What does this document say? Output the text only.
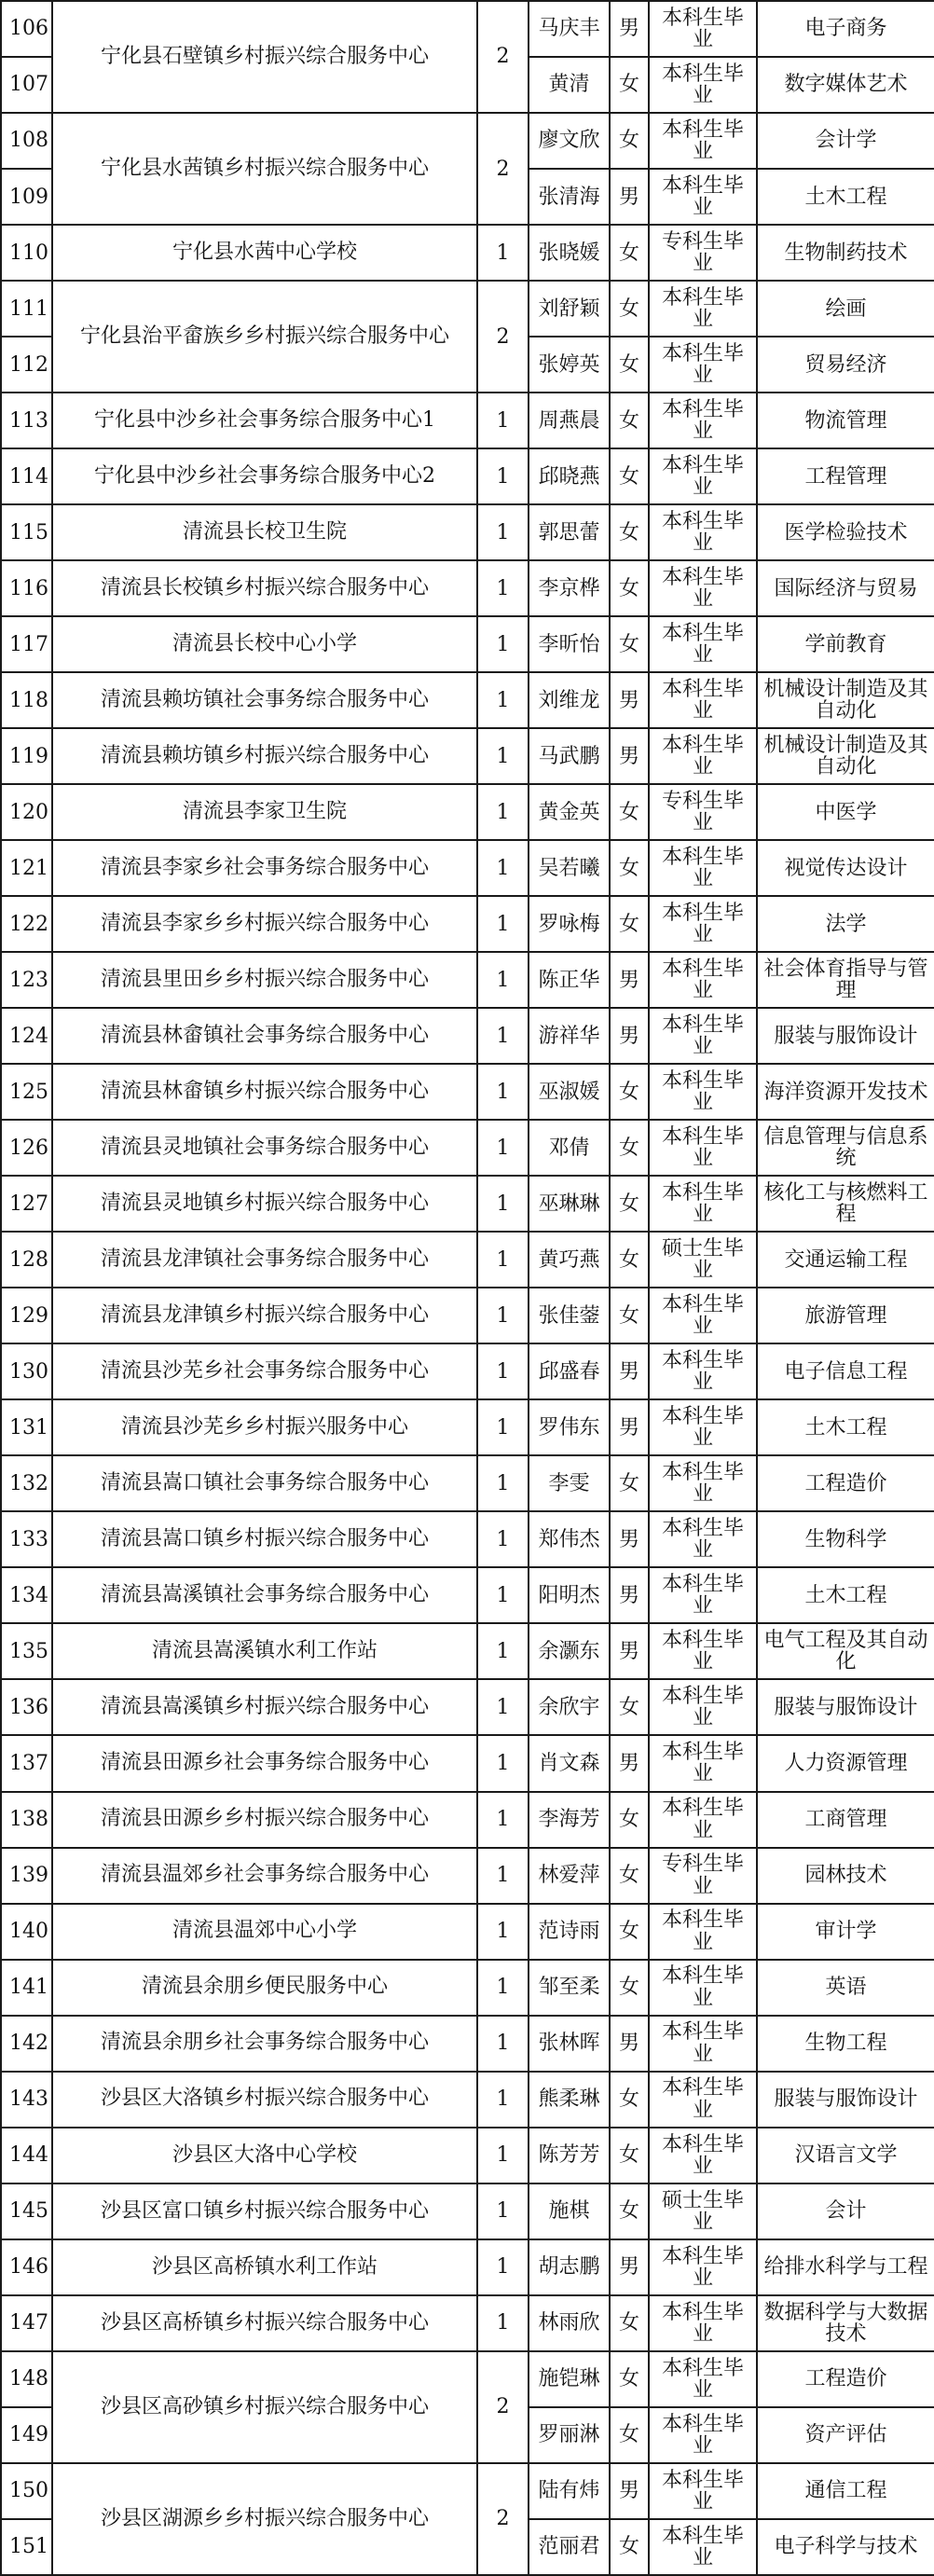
106	宁化县石壁镇乡村振兴综合服务中心	2	马庆丰	男	本科生毕业	电子商务
107			黄清	女	本科生毕业	数字媒体艺术
108	宁化县水茜镇乡村振兴综合服务中心	2	廖文欣	女	本科生毕业	会计学
109			张清海	男	本科生毕业	土木工程
110	宁化县水茜中心学校	1	张晓媛	女	专科生毕业	生物制药技术
111	宁化县治平畲族乡乡村振兴综合服务中心	2	刘舒颖	女	本科生毕业	绘画
112			张婷英	女	本科生毕业	贸易经济
113	宁化县中沙乡社会事务综合服务中心1	1	周燕晨	女	本科生毕业	物流管理
114	宁化县中沙乡社会事务综合服务中心2	1	邱晓燕	女	本科生毕业	工程管理
115	清流县长校卫生院	1	郭思蕾	女	本科生毕业	医学检验技术
116	清流县长校镇乡村振兴综合服务中心	1	李京桦	女	本科生毕业	国际经济与贸易
117	清流县长校中心小学	1	李昕怡	女	本科生毕业	学前教育
118	清流县赖坊镇社会事务综合服务中心	1	刘维龙	男	本科生毕业	机械设计制造及其自动化
119	清流县赖坊镇乡村振兴综合服务中心	1	马武鹏	男	本科生毕业	机械设计制造及其自动化
120	清流县李家卫生院	1	黄金英	女	专科生毕业	中医学
121	清流县李家乡社会事务综合服务中心	1	吴若曦	女	本科生毕业	视觉传达设计
122	清流县李家乡乡村振兴综合服务中心	1	罗咏梅	女	本科生毕业	法学
123	清流县里田乡乡村振兴综合服务中心	1	陈正华	男	本科生毕业	社会体育指导与管理
124	清流县林畲镇社会事务综合服务中心	1	游祥华	男	本科生毕业	服装与服饰设计
125	清流县林畲镇乡村振兴综合服务中心	1	巫淑媛	女	本科生毕业	海洋资源开发技术
126	清流县灵地镇社会事务综合服务中心	1	邓倩	女	本科生毕业	信息管理与信息系统
127	清流县灵地镇乡村振兴综合服务中心	1	巫琳琳	女	本科生毕业	核化工与核燃料工程
128	清流县龙津镇社会事务综合服务中心	1	黄巧燕	女	硕士生毕业	交通运输工程
129	清流县龙津镇乡村振兴综合服务中心	1	张佳蓥	女	本科生毕业	旅游管理
130	清流县沙芜乡社会事务综合服务中心	1	邱盛春	男	本科生毕业	电子信息工程
131	清流县沙芜乡乡村振兴服务中心	1	罗伟东	男	本科生毕业	土木工程
132	清流县嵩口镇社会事务综合服务中心	1	李雯	女	本科生毕业	工程造价
133	清流县嵩口镇乡村振兴综合服务中心	1	郑伟杰	男	本科生毕业	生物科学
134	清流县嵩溪镇社会事务综合服务中心	1	阳明杰	男	本科生毕业	土木工程
135	清流县嵩溪镇水利工作站	1	余灏东	男	本科生毕业	电气工程及其自动化
136	清流县嵩溪镇乡村振兴综合服务中心	1	余欣宇	女	本科生毕业	服装与服饰设计
137	清流县田源乡社会事务综合服务中心	1	肖文森	男	本科生毕业	人力资源管理
138	清流县田源乡乡村振兴综合服务中心	1	李海芳	女	本科生毕业	工商管理
139	清流县温郊乡社会事务综合服务中心	1	林爱萍	女	专科生毕业	园林技术
140	清流县温郊中心小学	1	范诗雨	女	本科生毕业	审计学
141	清流县余朋乡便民服务中心	1	邹至柔	女	本科生毕业	英语
142	清流县余朋乡社会事务综合服务中心	1	张林晖	男	本科生毕业	生物工程
143	沙县区大洛镇乡村振兴综合服务中心	1	熊柔琳	女	本科生毕业	服装与服饰设计
144	沙县区大洛中心学校	1	陈芳芳	女	本科生毕业	汉语言文学
145	沙县区富口镇乡村振兴综合服务中心	1	施棋	女	硕士生毕业	会计
146	沙县区高桥镇水利工作站	1	胡志鹏	男	本科生毕业	给排水科学与工程
147	沙县区高桥镇乡村振兴综合服务中心	1	林雨欣	女	本科生毕业	数据科学与大数据技术
148	沙县区高砂镇乡村振兴综合服务中心	2	施铠琳	女	本科生毕业	工程造价
149			罗丽淋	女	本科生毕业	资产评估
150	沙县区湖源乡乡村振兴综合服务中心	2	陆有炜	男	本科生毕业	通信工程
151			范丽君	女	本科生毕业	电子科学与技术
